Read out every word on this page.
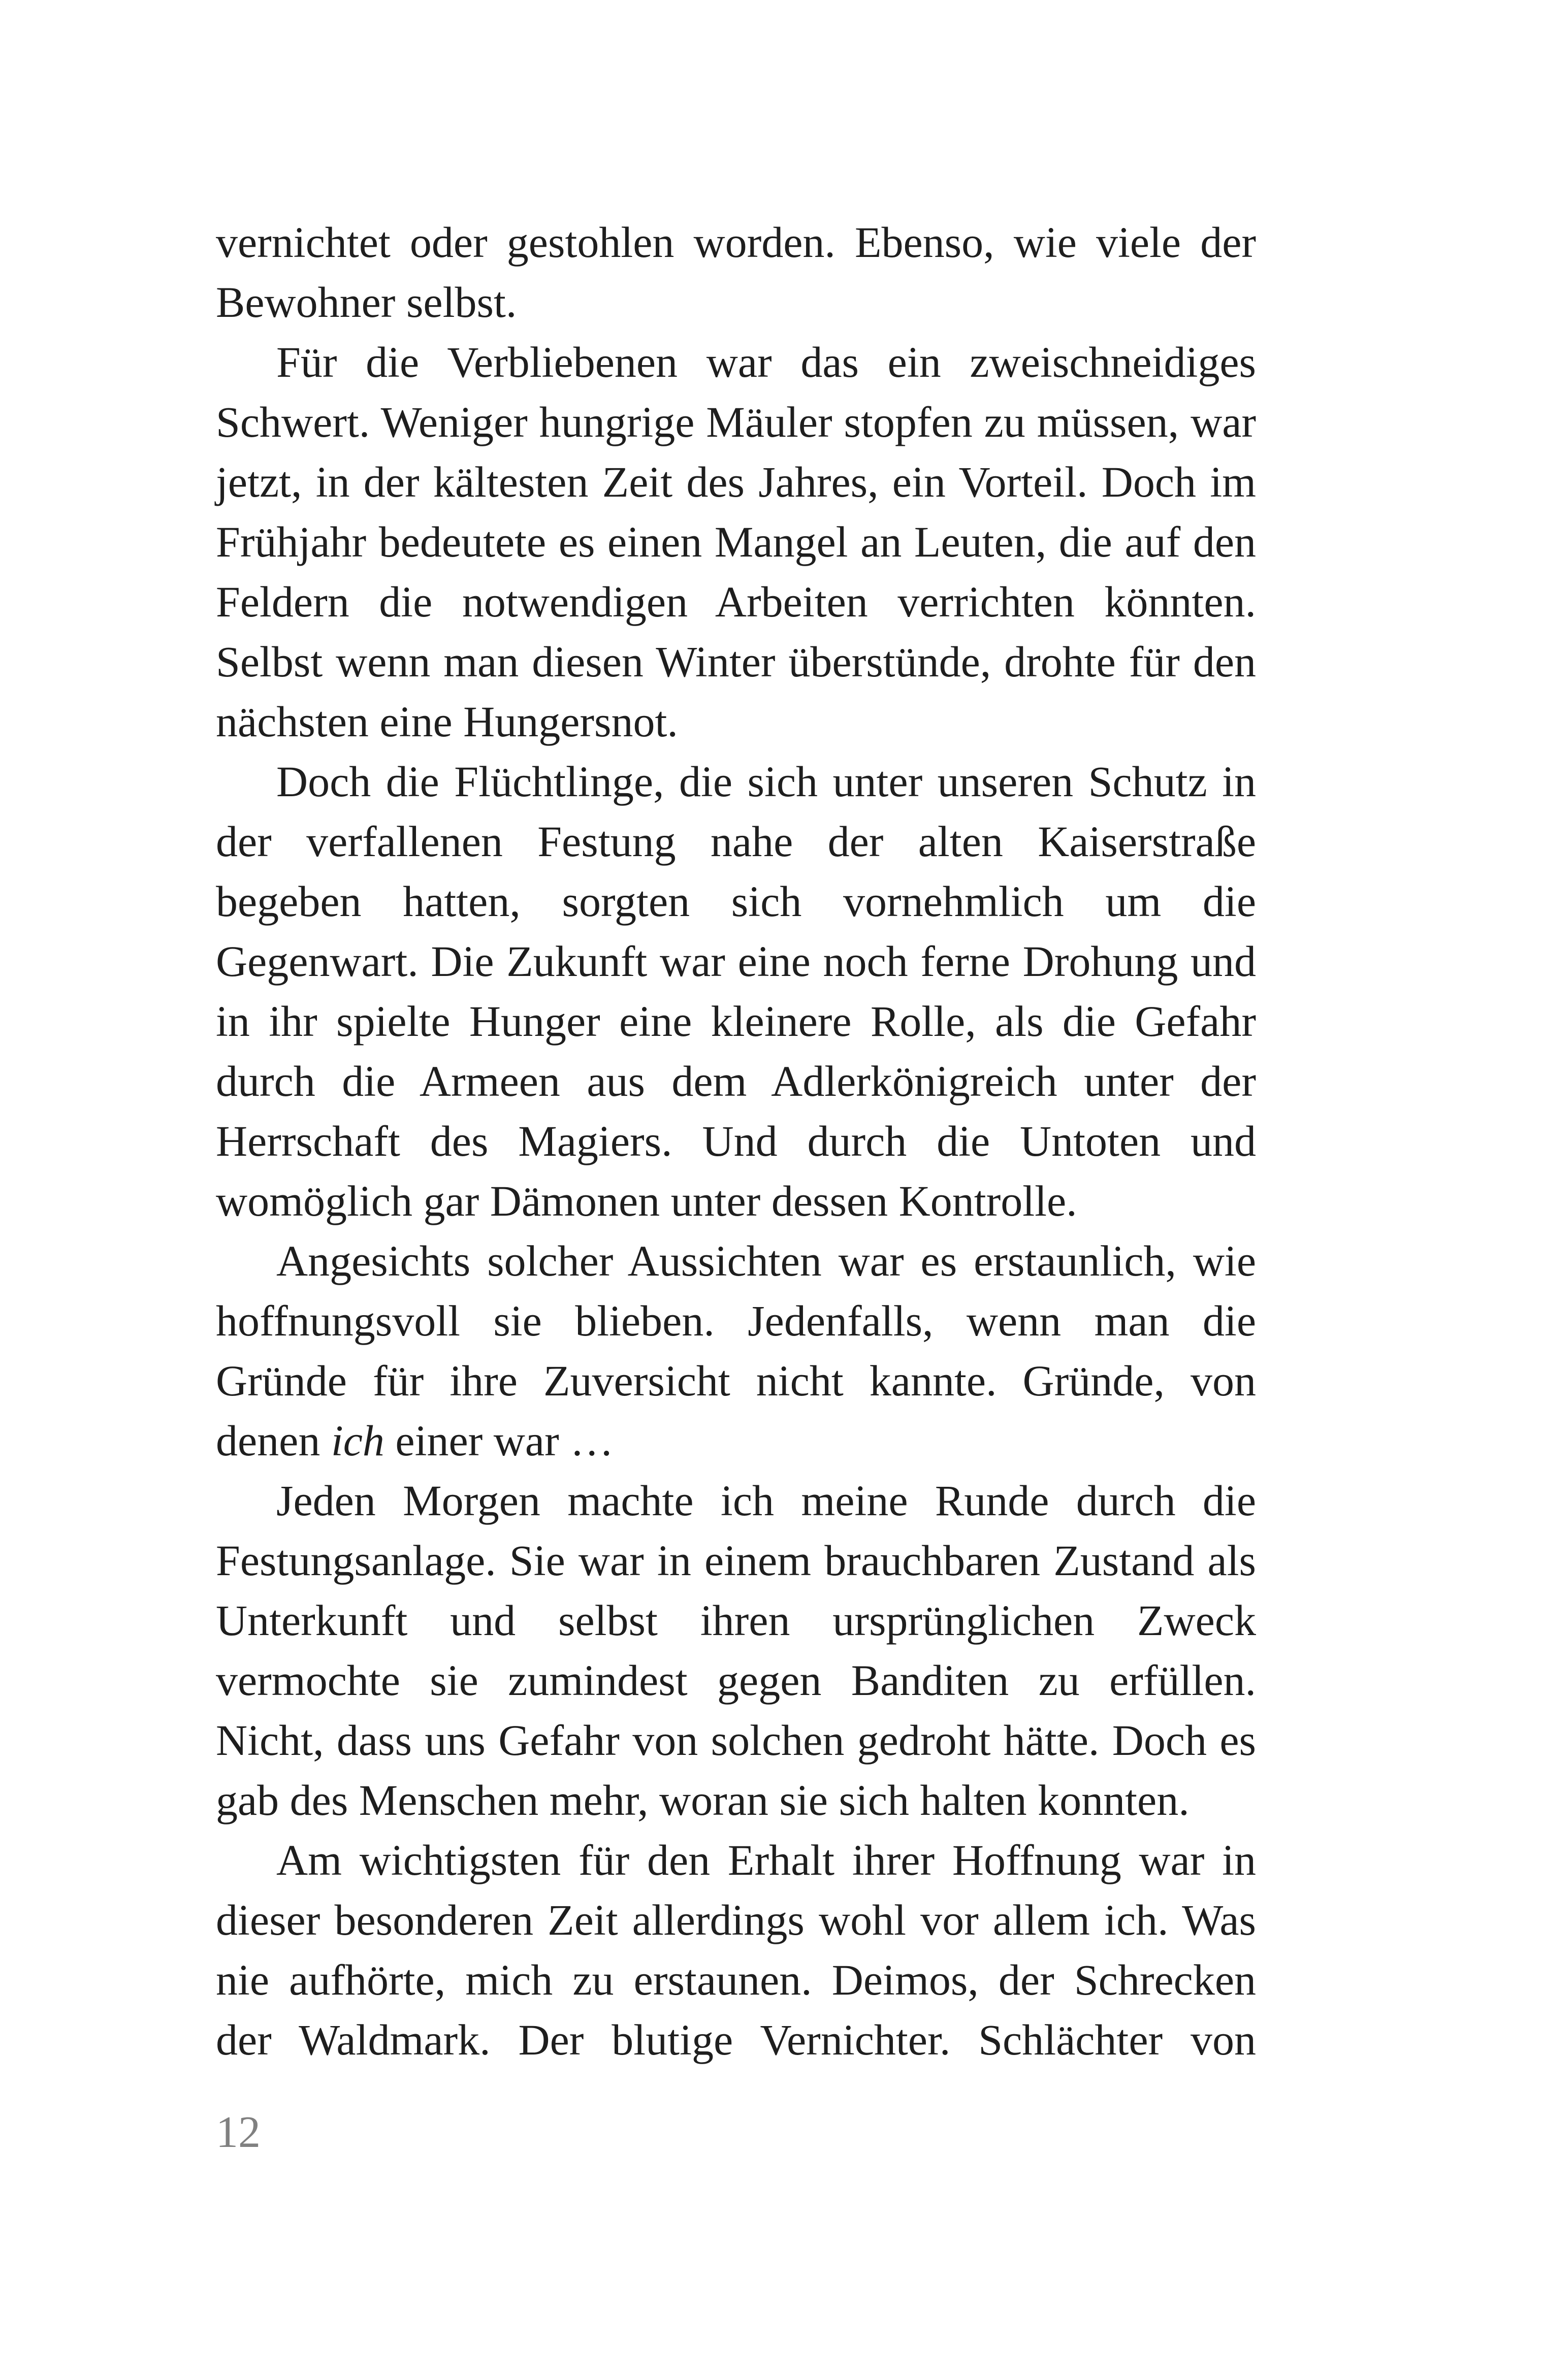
vernichtet oder gestohlen worden. Ebenso, wie viele der Bewohner selbst.

Für die Verbliebenen war das ein zweischneidiges Schwert. Weniger hungrige Mäuler stopfen zu müssen, war jetzt, in der kältesten Zeit des Jahres, ein Vorteil. Doch im Frühjahr bedeutete es einen Mangel an Leuten, die auf den Feldern die notwendigen Arbeiten verrichten könnten. Selbst wenn man diesen Winter überstünde, drohte für den nächsten eine Hungersnot.

Doch die Flüchtlinge, die sich unter unseren Schutz in der verfallenen Festung nahe der alten Kaiserstraße begeben hatten, sorgten sich vornehmlich um die Gegenwart. Die Zukunft war eine noch ferne Drohung und in ihr spielte Hunger eine kleinere Rolle, als die Gefahr durch die Armeen aus dem Adlerkönigreich unter der Herrschaft des Magiers. Und durch die Untoten und womöglich gar Dämonen unter dessen Kontrolle.

Angesichts solcher Aussichten war es erstaunlich, wie hoffnungsvoll sie blieben. Jedenfalls, wenn man die Gründe für ihre Zuversicht nicht kannte. Gründe, von denen ich einer war …

Jeden Morgen machte ich meine Runde durch die Festungsanlage. Sie war in einem brauchbaren Zustand als Unterkunft und selbst ihren ursprünglichen Zweck vermochte sie zumindest gegen Banditen zu erfüllen. Nicht, dass uns Gefahr von solchen gedroht hätte. Doch es gab des Menschen mehr, woran sie sich halten konnten.

Am wichtigsten für den Erhalt ihrer Hoffnung war in dieser besonderen Zeit allerdings wohl vor allem ich. Was nie aufhörte, mich zu erstaunen. Deimos, der Schrecken der Waldmark. Der blutige Vernichter. Schlächter von

12
